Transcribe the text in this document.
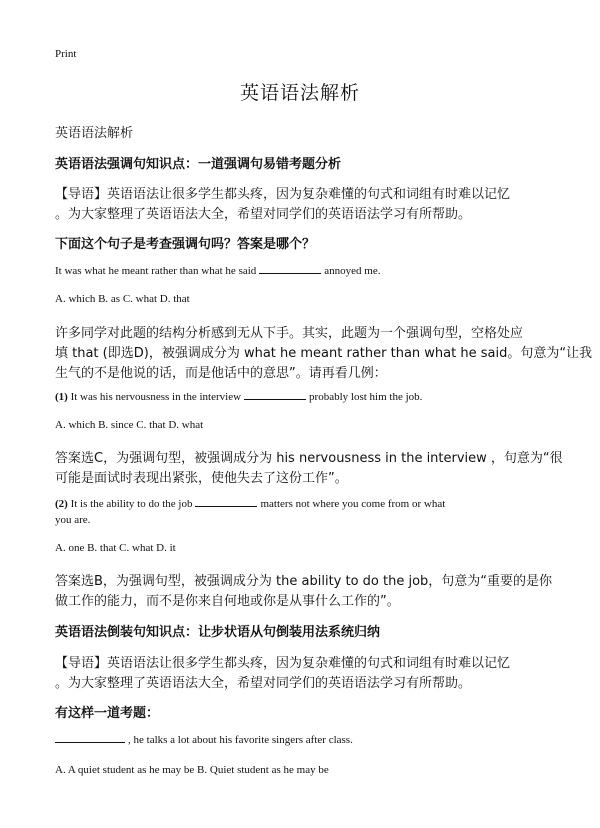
Print
英语语法解析
英语语法解析
英语语法强调句知识点：一道强调句易错考题分析
【导语】英语语法让很多学生都头疼，因为复杂难懂的句式和词组有时难以记忆
。为大家整理了英语语法大全，希望对同学们的英语语法学习有所帮助。
下面这个句子是考查强调句吗？答案是哪个？
It was what he meant rather than what he said	annoyed me.
A. which B. as C. what D. that
许多同学对此题的结构分析感到无从下手。其实，此题为一个强调句型，空格处应
填 that (即选D)，被强调成分为 what he meant rather than what he said。句意为“让我
生气的不是他说的话，而是他话中的意思”。请再看几例：
(1) It was his nervousness in the interview	probably lost him the job.
A. which B. since C. that D. what
答案选C，为强调句型，被强调成分为 his nervousness in the interview ，句意为“很
可能是面试时表现出紧张，使他失去了这份工作”。
(2) It is the ability to do the job	matters not where you come from or what
you are.
A. one B. that C. what D. it
答案选B，为强调句型，被强调成分为 the ability to do the job，句意为“重要的是你
做工作的能力，而不是你来自何地或你是从事什么工作的”。
英语语法倒装句知识点：让步状语从句倒装用法系统归纳
【导语】英语语法让很多学生都头疼，因为复杂难懂的句式和词组有时难以记忆
。为大家整理了英语语法大全，希望对同学们的英语语法学习有所帮助。
有这样一道考题：
, he talks a lot about his favorite singers after class.
A. A quiet student as he may be B. Quiet student as he may be
